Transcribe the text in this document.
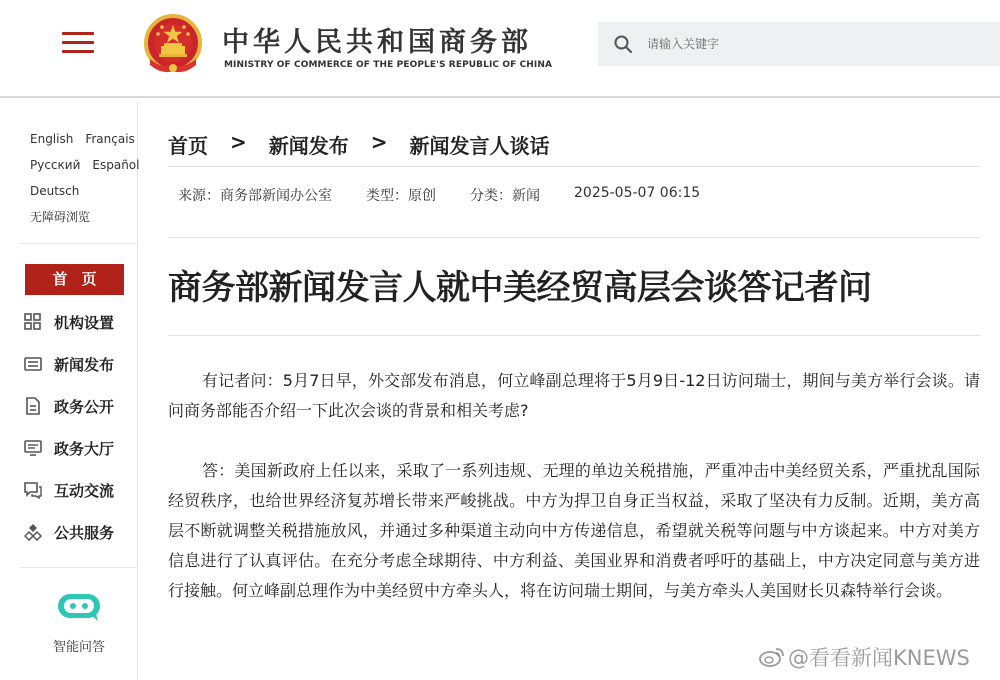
中华人民共和国商务部
MINISTRY OF COMMERCE OF THE PEOPLE'S REPUBLIC OF CHINA
请输入关键字
English Français
Русский Español
Deutsch
无障碍浏览
首页
机构设置
新闻发布
政务公开
政务大厅
互动交流
公共服务
智能问答
首页 > 新闻发布 > 新闻发言人谈话
来源：商务部新闻办公室 类型：原创 分类：新闻 2025-05-07 06:15
商务部新闻发言人就中美经贸高层会谈答记者问

有记者问：5月7日早，外交部发布消息，何立峰副总理将于5月9日-12日访问瑞士，期间与美方举行会谈。请问商务部能否介绍一下此次会谈的背景和相关考虑?

答：美国新政府上任以来，采取了一系列违规、无理的单边关税措施，严重冲击中美经贸关系，严重扰乱国际经贸秩序，也给世界经济复苏增长带来严峻挑战。中方为捍卫自身正当权益，采取了坚决有力反制。近期，美方高层不断就调整关税措施放风，并通过多种渠道主动向中方传递信息，希望就关税等问题与中方谈起来。中方对美方信息进行了认真评估。在充分考虑全球期待、中方利益、美国业界和消费者呼吁的基础上，中方决定同意与美方进行接触。何立峰副总理作为中美经贸中方牵头人，将在访问瑞士期间，与美方牵头人美国财长贝森特举行会谈。

@看看新闻KNEWS
